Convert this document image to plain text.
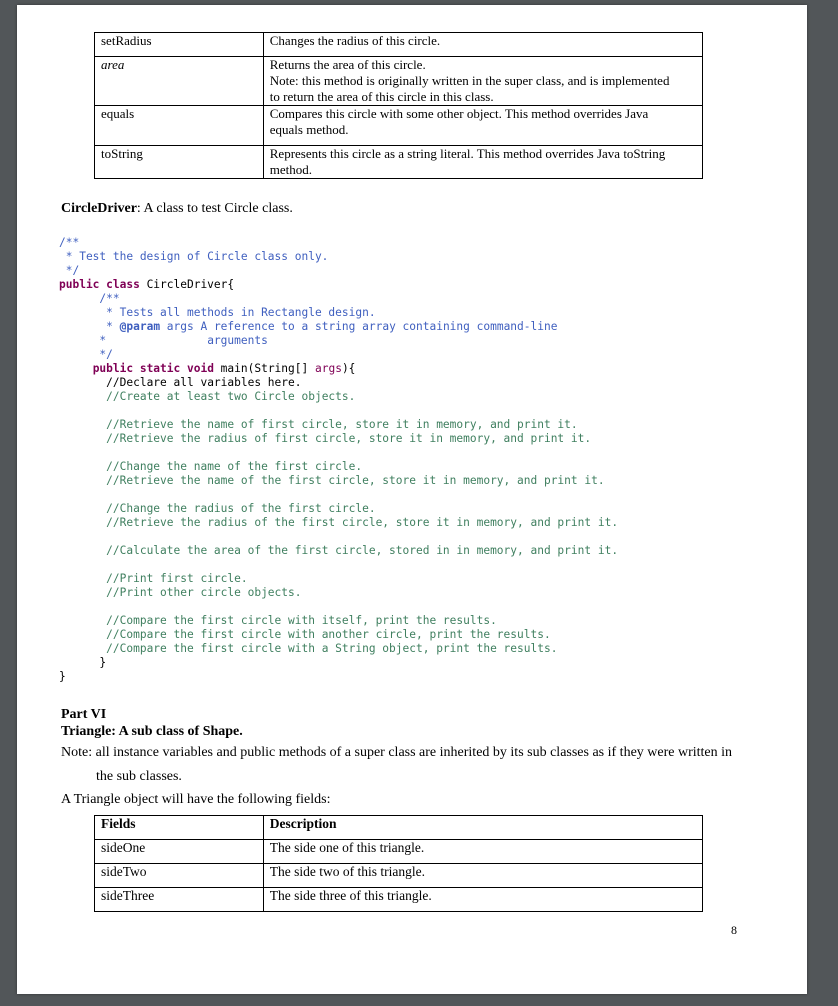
setRadius	Changes the radius of this circle.

area	Returns the area of this circle.
Note: this method is originally written in the super class, and is implemented
to return the area of this circle in this class.

equals	Compares this circle with some other object. This method overrides Java
equals method.

toString	Represents this circle as a string literal. This method overrides Java toString
method.
CircleDriver: A class to test Circle class.
/**
* Test the design of Circle class only.
*/
public class CircleDriver{
/**
* Tests all methods in Rectangle design.
* @param args A reference to a string array containing command-line
*               arguments
*/
public static void main(String[] args){
//Declare all variables here.
//Create at least two Circle objects.

//Retrieve the name of first circle, store it in memory, and print it.
//Retrieve the radius of first circle, store it in memory, and print it.

//Change the name of the first circle.
//Retrieve the name of the first circle, store it in memory, and print it.

//Change the radius of the first circle.
//Retrieve the radius of the first circle, store it in memory, and print it.

//Calculate the area of the first circle, stored in in memory, and print it.

//Print first circle.
//Print other circle objects.

//Compare the first circle with itself, print the results.
//Compare the first circle with another circle, print the results.
//Compare the first circle with a String object, print the results.
}
}
Part VI
Triangle: A sub class of Shape.
Note: all instance variables and public methods of a super class are inherited by its sub classes as if they were written in
the sub classes.
A Triangle object will have the following fields:
Fields	Description
sideOne	The side one of this triangle.
sideTwo	The side two of this triangle.
sideThree	The side three of this triangle.
8
